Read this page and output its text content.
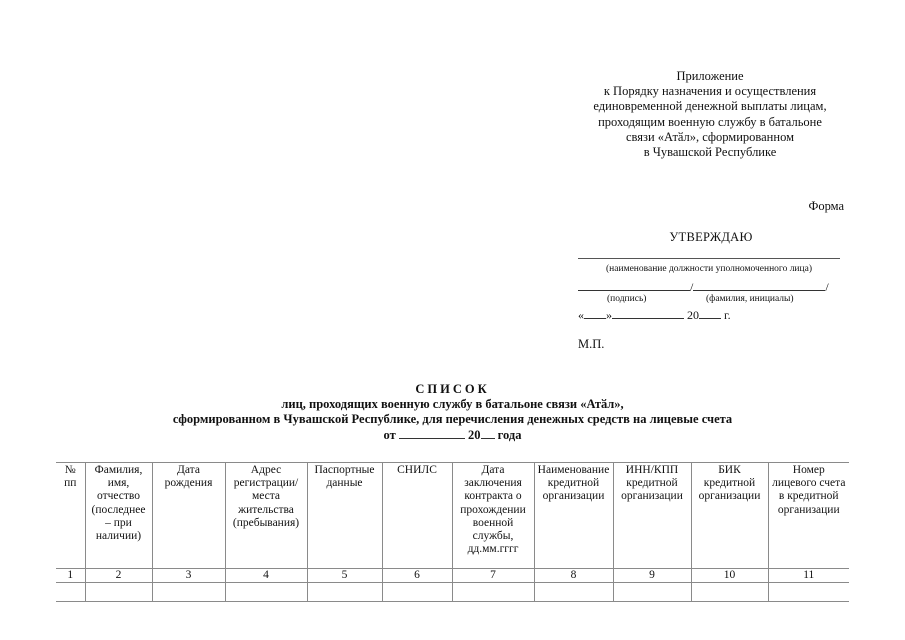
Приложение
к Порядку назначения и осуществления
единовременной денежной выплаты лицам,
проходящим военную службу в батальоне
связи «Атӑл», сформированном
в Чувашской Республике
Форма
УТВЕРЖДАЮ
(наименование должности уполномоченного лица)
/	/
(подпись)	(фамилия, инициалы)
« »	20 г.
М.П.
СПИСОК
лиц, проходящих военную службу в батальоне связи «Атӑл»,
сформированном в Чувашской Республике, для перечисления денежных средств на лицевые счета
от	20 года
№ пп	Фамилия, имя, отчество (последнее – при наличии)	Дата рождения	Адрес регистрации/ места жительства (пребывания)	Паспортные данные	СНИЛС	Дата заключения контракта о прохождении военной службы, дд.мм.гггг	Наименование кредитной организации	ИНН/КПП кредитной организации	БИК кредитной организации	Номер лицевого счета в кредитной организации
1	2	3	4	5	6	7	8	9	10	11
